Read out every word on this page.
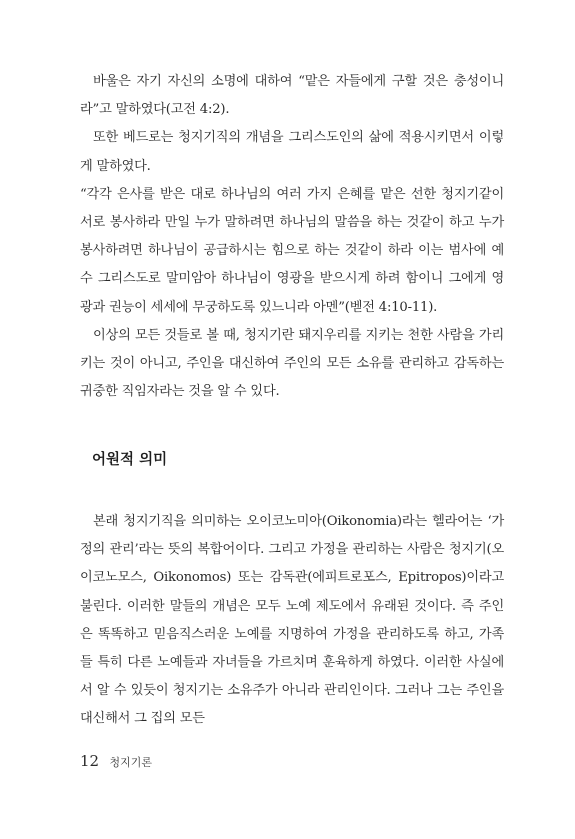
바울은 자기 자신의 소명에 대하여 “맡은 자들에게 구할 것은 충성이니라”고 말하였다(고전 4:2).

또한 베드로는 청지기직의 개념을 그리스도인의 삶에 적용시키면서 이렇게 말하였다.

“각각 은사를 받은 대로 하나님의 여러 가지 은혜를 맡은 선한 청지기같이 서로 봉사하라 만일 누가 말하려면 하나님의 말씀을 하는 것같이 하고 누가 봉사하려면 하나님이 공급하시는 힘으로 하는 것같이 하라 이는 범사에 예수 그리스도로 말미암아 하나님이 영광을 받으시게 하려 함이니 그에게 영광과 권능이 세세에 무궁하도록 있느니라 아멘”(벧전 4:10-11).

이상의 모든 것들로 볼 때, 청지기란 돼지우리를 지키는 천한 사람을 가리키는 것이 아니고, 주인을 대신하여 주인의 모든 소유를 관리하고 감독하는 귀중한 직임자라는 것을 알 수 있다.

어원적 의미

본래 청지기직을 의미하는 오이코노미아(Oikonomia)라는 헬라어는 ‘가정의 관리’라는 뜻의 복합어이다. 그리고 가정을 관리하는 사람은 청지기(오이코노모스, Oikonomos) 또는 감독관(에피트로포스, Epitropos)이라고 불린다. 이러한 말들의 개념은 모두 노예 제도에서 유래된 것이다. 즉 주인은 똑똑하고 믿음직스러운 노예를 지명하여 가정을 관리하도록 하고, 가족들 특히 다른 노예들과 자녀들을 가르치며 훈육하게 하였다. 이러한 사실에서 알 수 있듯이 청지기는 소유주가 아니라 관리인이다. 그러나 그는 주인을 대신해서 그 집의 모든

12 청지기론
